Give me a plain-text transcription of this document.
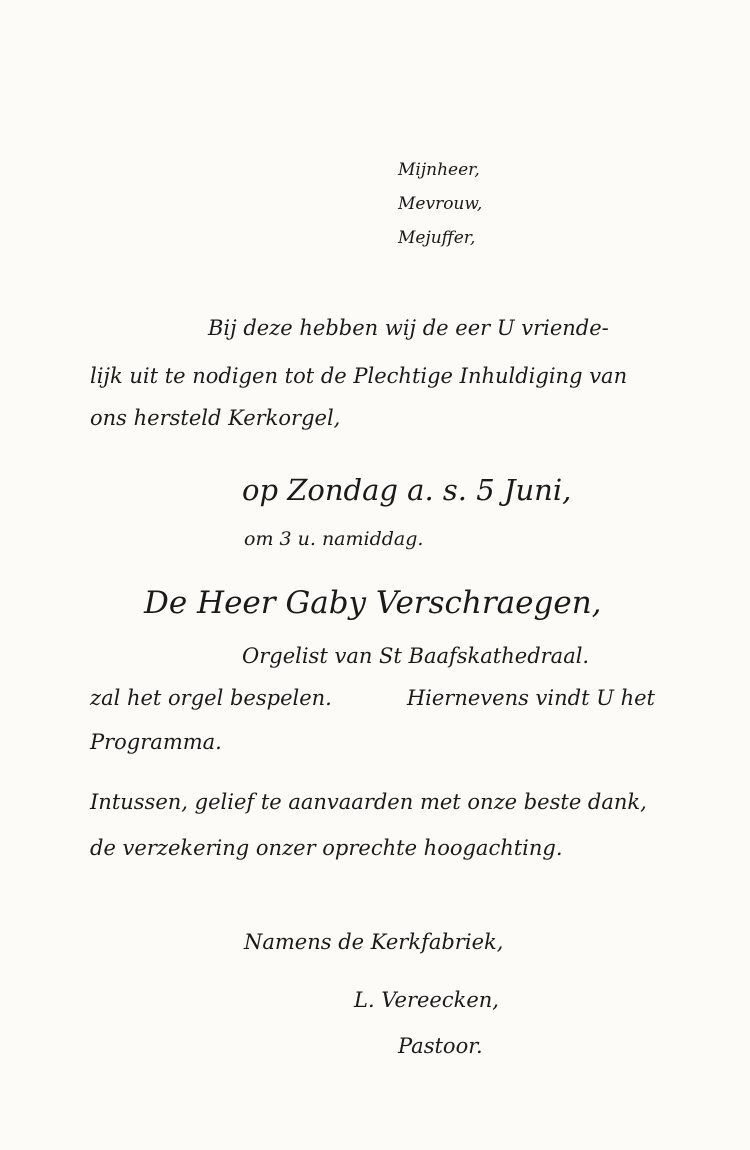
Mijnheer,
Mevrouw,
Mejuffer,
Bij deze hebben wij de eer U vriende-
lijk uit te nodigen tot de Plechtige Inhuldiging van
ons hersteld Kerkorgel,
op Zondag a. s. 5 Juni,
om 3 u. namiddag.
De Heer Gaby Verschraegen,
Orgelist van St Baafskathedraal.
zal het orgel bespelen.	Hiernevens vindt U het
Programma.
Intussen, gelief te aanvaarden met onze beste dank,
de verzekering onzer oprechte hoogachting.
Namens de Kerkfabriek,
L. Vereecken,
Pastoor.
